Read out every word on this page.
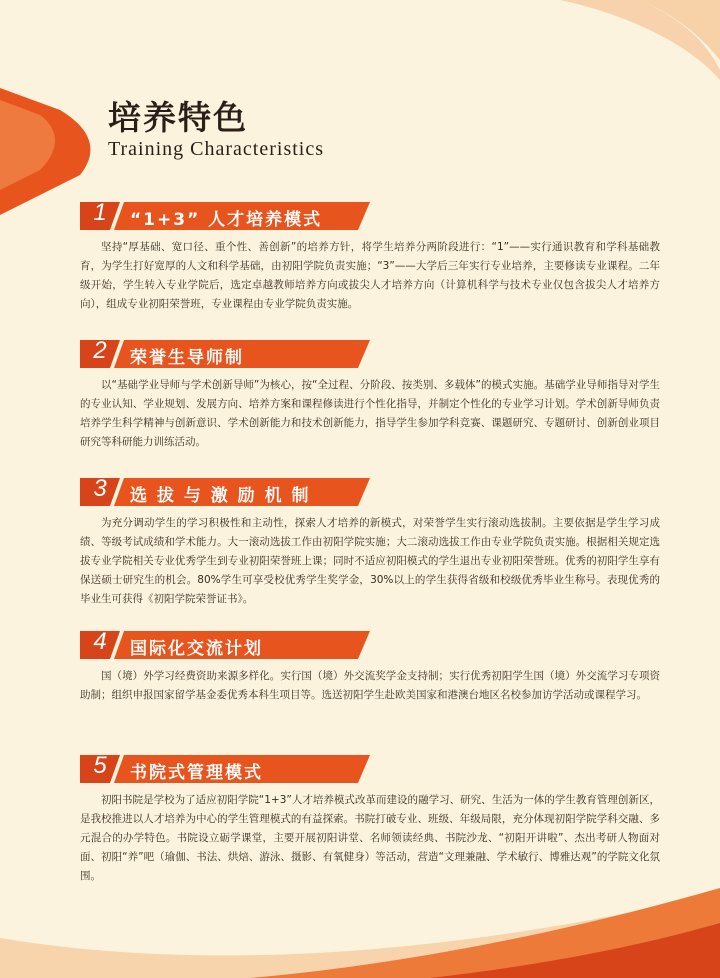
培养特色
Training Characteristics
1	“1+3” 人才培养模式

坚持“厚基础、宽口径、重个性、善创新”的培养方针，将学生培养分两阶段进行：“1”——实行通识教育和学科基础教育，为学生打好宽厚的人文和科学基础，由初阳学院负责实施；“3”——大学后三年实行专业培养，主要修读专业课程。二年级开始，学生转入专业学院后，选定卓越教师培养方向或拔尖人才培养方向（计算机科学与技术专业仅包含拔尖人才培养方向），组成专业初阳荣誉班，专业课程由专业学院负责实施。

2	荣誉生导师制

以“基础学业导师与学术创新导师”为核心，按“全过程、分阶段、按类别、多载体”的模式实施。基础学业导师指导对学生的专业认知、学业规划、发展方向、培养方案和课程修读进行个性化指导，并制定个性化的专业学习计划。学术创新导师负责培养学生科学精神与创新意识、学术创新能力和技术创新能力，指导学生参加学科竞赛、课题研究、专题研讨、创新创业项目研究等科研能力训练活动。

3	选 拔 与 激 励 机 制

为充分调动学生的学习积极性和主动性，探索人才培养的新模式，对荣誉学生实行滚动选拔制。主要依据是学生学习成绩、等级考试成绩和学术能力。大一滚动选拔工作由初阳学院实施；大二滚动选拔工作由专业学院负责实施。根据相关规定选拔专业学院相关专业优秀学生到专业初阳荣誉班上课；同时不适应初阳模式的学生退出专业初阳荣誉班。优秀的初阳学生享有保送硕士研究生的机会。80%学生可享受校优秀学生奖学金，30%以上的学生获得省级和校级优秀毕业生称号。表现优秀的毕业生可获得《初阳学院荣誉证书》。

4	国际化交流计划

国（境）外学习经费资助来源多样化。实行国（境）外交流奖学金支持制；实行优秀初阳学生国（境）外交流学习专项资助制；组织申报国家留学基金委优秀本科生项目等。选送初阳学生赴欧美国家和港澳台地区名校参加访学活动或课程学习。

5	书院式管理模式

初阳书院是学校为了适应初阳学院“1+3”人才培养模式改革而建设的融学习、研究、生活为一体的学生教育管理创新区，是我校推进以人才培养为中心的学生管理模式的有益探索。书院打破专业、班级、年级局限，充分体现初阳学院学科交融、多元混合的办学特色。书院设立砺学课堂，主要开展初阳讲堂、名师领读经典、书院沙龙、“初阳开讲啦”、杰出考研人物面对面、初阳“养”吧（瑜伽、书法、烘焙、游泳、摄影、有氧健身）等活动，营造“文理兼融、学术敏行、博雅达观”的学院文化氛围。
